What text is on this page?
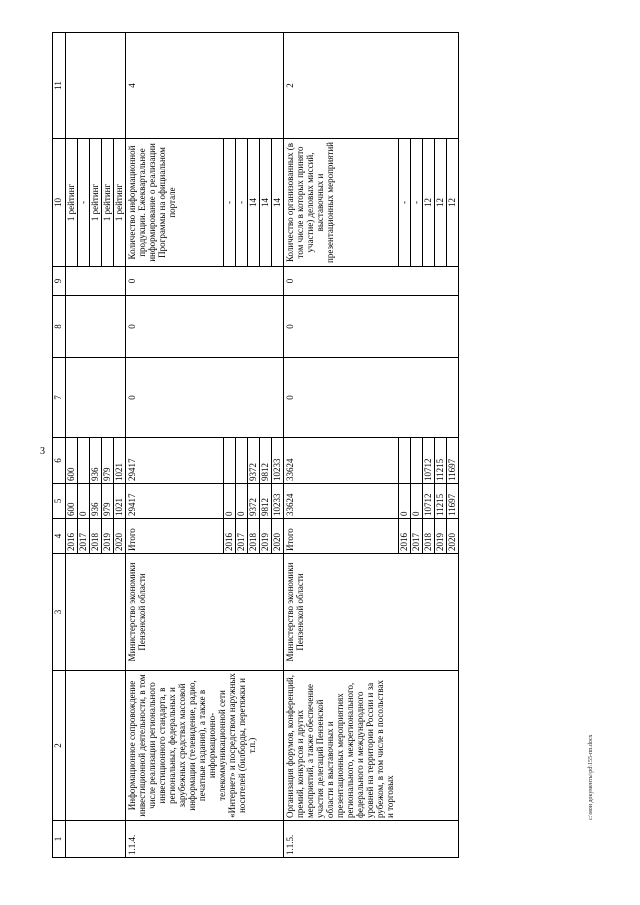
3
c:\мои документы\pd\155-пп.docx
1	2	3	4	5	6	7	8	9	10	11
			2016	600	600				1 рейтинг	
			2017	0					-	
			2018	936	936				1 рейтинг	
			2019	979	979				1 рейтинг	
			2020	1021	1021				1 рейтинг	
1.1.4.	Информационное сопровождение инвестиционной деятельности, в том числе реализации регионального инвестиционного стандарта, в региональных, федеральных и зарубежных средствах массовой информации (телевидение, радио, печатные издания), а также в информационно-телекоммуникационной сети «Интернет» и посредством наружных носителей (билборды, перетяжки и т.п.)	Министерство экономики Пензенской области	Итого	29417	29417	0	0	0	Количество информационной продукции. Ежеквартальное информирование о реализации Программы на официальном портале	4
			2016	0					-	
			2017	0					-	
			2018	9372	9372				14	
			2019	9812	9812				14	
			2020	10233	10233				14	
1.1.5.	Организация форумов, конференций, премий, конкурсов и других мероприятий, а также обеспечение участия делегаций Пензенской области в выставочных и презентационных мероприятиях регионального, межрегионального, федерального и международного уровней на территории России и за рубежом, в том числе в посольствах и торговых	Министерство экономики Пензенской области	Итого	33624	33624	0	0	0	Количество организованных (в том числе в которых принято участие) деловых миссий, выставочных и презентационных мероприятий	2
			2016	0					-	
			2017	0					-	
			2018	10712	10712				12	
			2019	11215	11215				12	
			2020	11697	11697				12	
